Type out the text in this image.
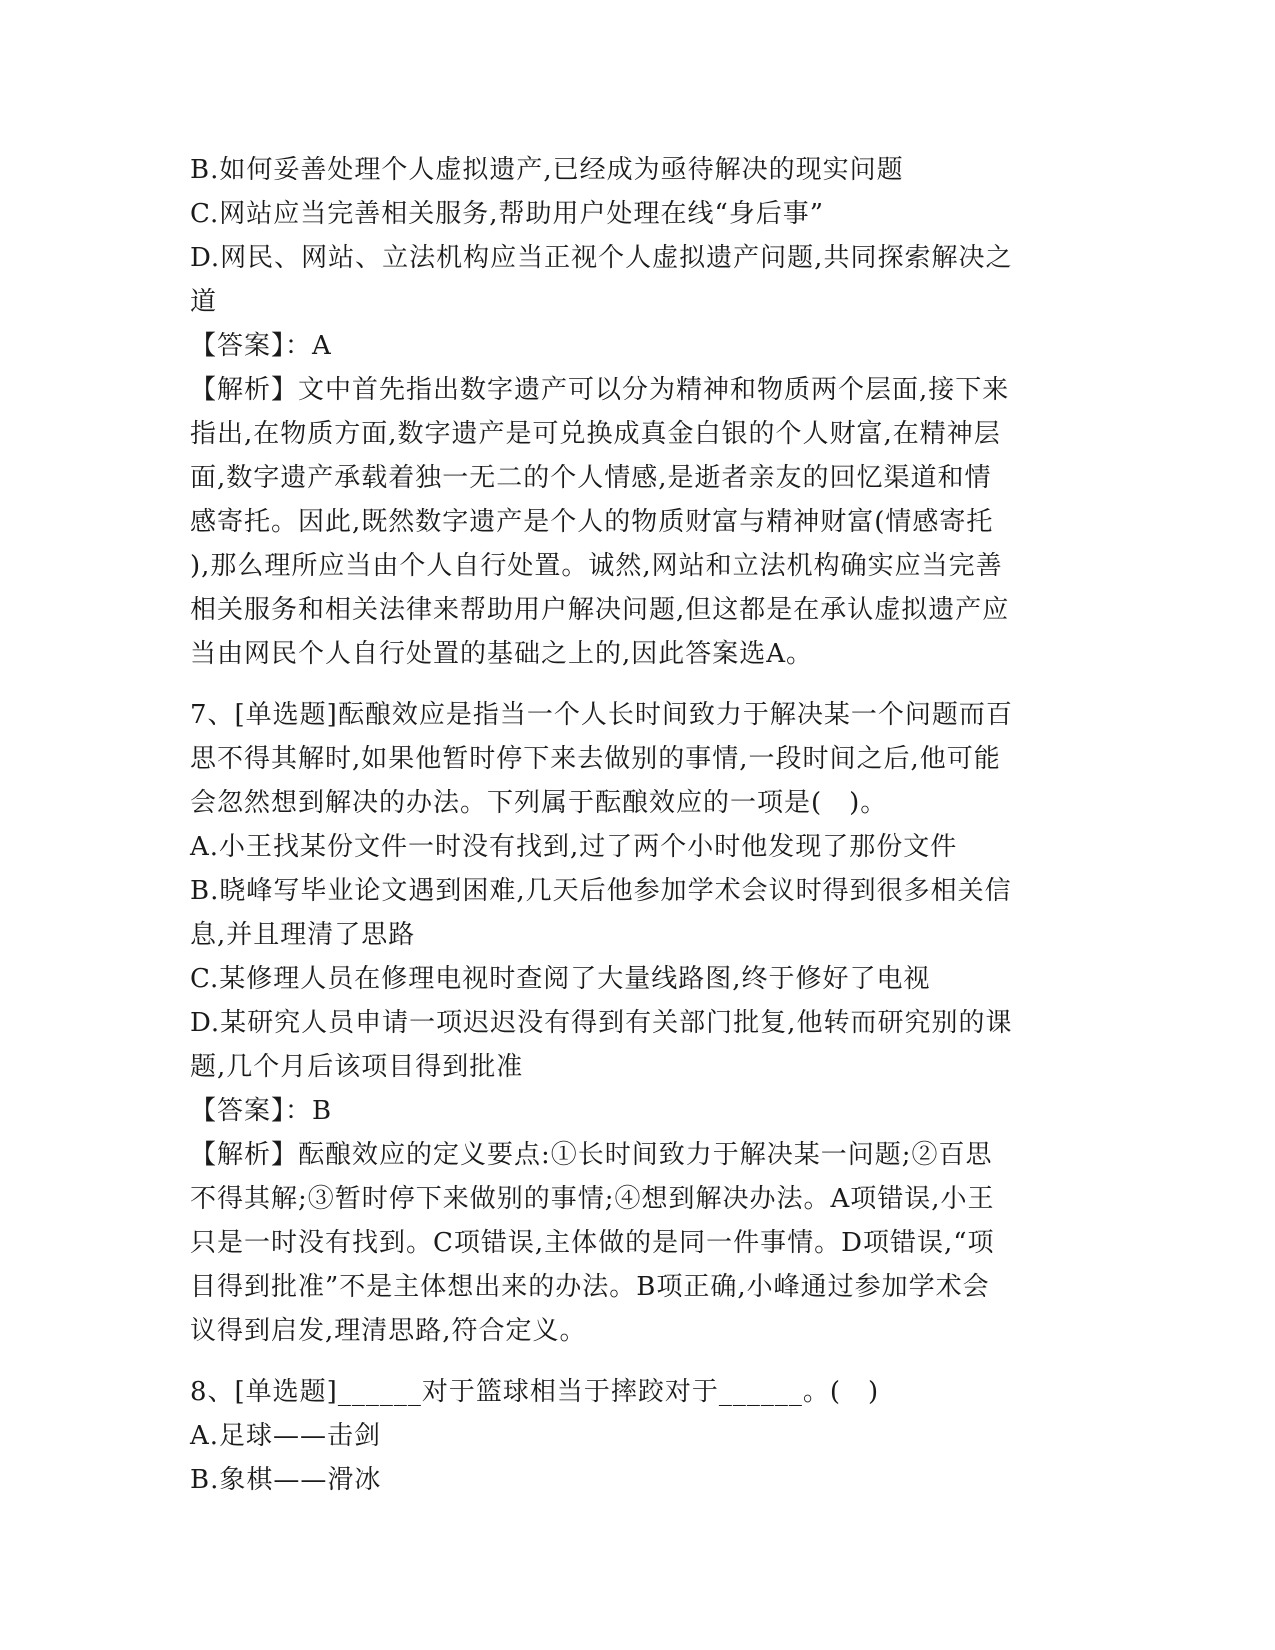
B.如何妥善处理个人虚拟遗产,已经成为亟待解决的现实问题
C.网站应当完善相关服务,帮助用户处理在线“身后事”
D.网民、网站、立法机构应当正视个人虚拟遗产问题,共同探索解决之
道
【答案】：A
【解析】文中首先指出数字遗产可以分为精神和物质两个层面,接下来
指出,在物质方面,数字遗产是可兑换成真金白银的个人财富,在精神层
面,数字遗产承载着独一无二的个人情感,是逝者亲友的回忆渠道和情
感寄托。因此,既然数字遗产是个人的物质财富与精神财富(情感寄托
),那么理所应当由个人自行处置。诚然,网站和立法机构确实应当完善
相关服务和相关法律来帮助用户解决问题,但这都是在承认虚拟遗产应
当由网民个人自行处置的基础之上的,因此答案选A。
7、[单选题]酝酿效应是指当一个人长时间致力于解决某一个问题而百
思不得其解时,如果他暂时停下来去做别的事情,一段时间之后,他可能
会忽然想到解决的办法。下列属于酝酿效应的一项是(　)。
A.小王找某份文件一时没有找到,过了两个小时他发现了那份文件
B.晓峰写毕业论文遇到困难,几天后他参加学术会议时得到很多相关信
息,并且理清了思路
C.某修理人员在修理电视时查阅了大量线路图,终于修好了电视
D.某研究人员申请一项迟迟没有得到有关部门批复,他转而研究别的课
题,几个月后该项目得到批准
【答案】：B
【解析】酝酿效应的定义要点:①长时间致力于解决某一问题;②百思
不得其解;③暂时停下来做别的事情;④想到解决办法。A项错误,小王
只是一时没有找到。C项错误,主体做的是同一件事情。D项错误,“项
目得到批准”不是主体想出来的办法。B项正确,小峰通过参加学术会
议得到启发,理清思路,符合定义。
8、[单选题]______对于篮球相当于摔跤对于______。(　)
A.足球——击剑
B.象棋——滑冰
